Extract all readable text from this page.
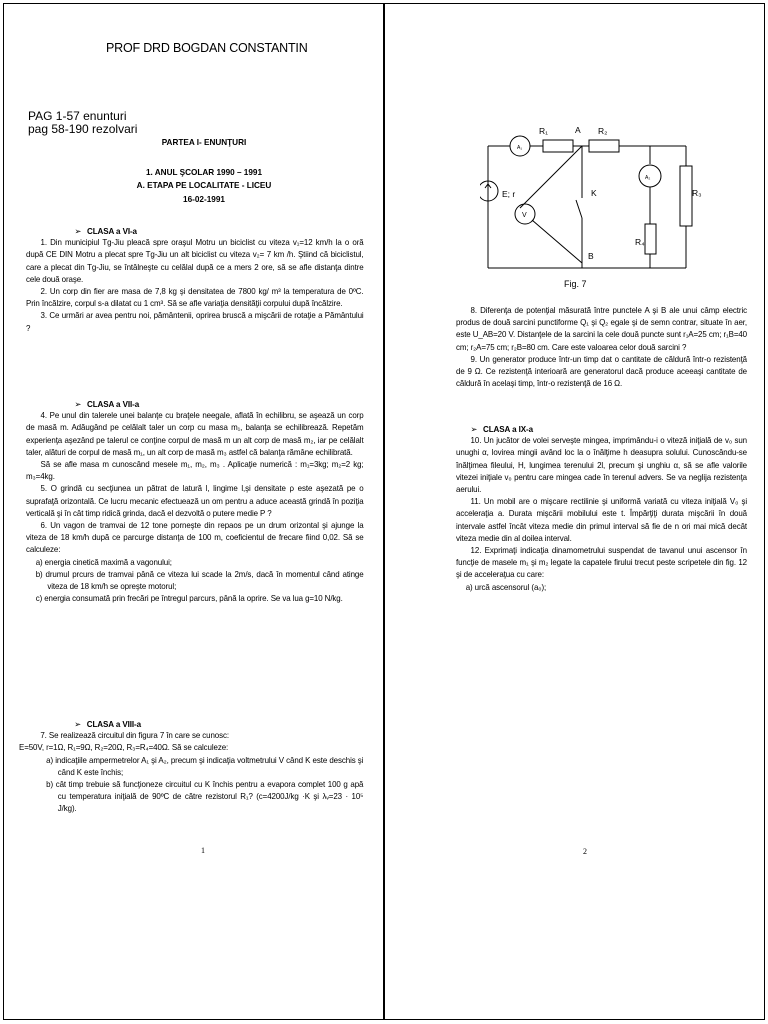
PROF DRD BOGDAN CONSTANTIN
PAG 1-57 enunturi
pag 58-190 rezolvari
PARTEA I- ENUNŢURI
1. ANUL ŞCOLAR 1990 – 1991
A. ETAPA PE LOCALITATE - LICEU
16-02-1991

➢ CLASA a VI-a

1. Din municipiul Tg-Jiu pleacă spre oraşul Motru un biciclist cu viteza v₁=12 km/h la o oră după CE DIN Motru a plecat spre Tg-Jiu un alt biciclist cu viteza v₂= 7 km /h. Ştiind că biciclistul, care a plecat din Tg-Jiu, se întâlneşte cu celălal după ce a mers 2 ore, să se afle distanţa dintre cele două oraşe.

2. Un corp din fier are masa de 7,8 kg şi densitatea de 7800 kg/ m³ la temperatura de 0ºC. Prin încălzire, corpul s-a dilatat cu 1 cm³. Să se afle variaţia densităţii corpului după încălzire.

3. Ce urmări ar avea pentru noi, pământenii, oprirea bruscă a mişcării de rotaţie a Pământului ?

➢ CLASA a VII-a

4. Pe unul din talerele unei balanţe cu braţele neegale, aflată în echilibru, se aşează un corp de masă m. Adăugând pe celălalt taler un corp cu masa m₁, balanţa se echilibrează. Repetăm experienţa aşezând pe talerul ce conţine corpul de masă m un alt corp de masă m₂, iar pe celălalt taler, alături de corpul de masă m₁, un alt corp de masă m₃ astfel că balanţa rămâne echilibrată.

Să se afle masa m cunoscând mesele m₁, m₂, m₃ . Aplicaţie numerică : m₁=3kg; m₂=2 kg; m₃=4kg.

5. O grindă cu secţiunea un pătrat de latură l, lingime l,şi densitate ρ este aşezată pe o suprafaţă orizontală. Ce lucru mecanic efectuează un om pentru a aduce această grindă în poziţia verticală şi în cât timp ridică grinda, dacă el dezvoltă o putere medie P ?

6. Un vagon de tramvai de 12 tone porneşte din repaos pe un drum orizontal şi ajunge la viteza de 18 km/h după ce parcurge distanţa de 100 m, coeficientul de frecare fiind 0,02. Să se calculeze:

a) energia cinetică maximă a vagonului;

b) drumul prcurs de tramvai până ce viteza lui scade la 2m/s, dacă în momentul când atinge viteza de 18 km/h se opreşte motorul;

c) energia consumată prin frecări pe întregul parcurs, până la oprire. Se va lua g=10 N/kg.

➢ CLASA a VIII-a

7. Se realizează circuitul din figura 7 în care se cunosc:

E=50V, r=1Ω, R₁=9Ω, R₂=20Ω, R₃=R₄=40Ω. Să se calculeze:

a) indicaţiile ampermetrelor A₁ şi A₂, precum şi indicaţia voltmetrului V când K este deschis şi când K este închis;

b) cât timp trebuie să funcţioneze circuitul cu K închis pentru a evapora complet 100 g apă cu temperatura iniţială de 90ºC de către rezistorul R₁? (c=4200J/kg ·K şi λᵥ=23 · 10⁵ J/kg).

1
A₁
R₁	A R₂
A₂
R₃
R₄
E; r
V
K
B
Fig. 7

8. Diferenţa de potenţial măsurată între punctele A şi B ale unui câmp electric produs de două sarcini punctiforme Q₁ şi Q₂ egale şi de semn contrar, situate în aer, este U_AB=20 V. Distanţele de la sarcini la cele două puncte sunt r₁A=25 cm; r₁B=40 cm; r₂A=75 cm; r₂B=80 cm. Care este valoarea celor două sarcini ?

9. Un generator produce într-un timp dat o cantitate de căldură într-o rezistenţă de 9 Ω. Ce rezistenţă interioară are generatorul dacă produce aceeaşi cantitate de căldură în acelaşi timp, într-o rezistenţă de 16 Ω.

➢ CLASA a IX-a

10. Un jucător de volei serveşte mingea, imprimându-i o viteză iniţială de v₀ sun unughi α, lovirea mingii având loc la o înălţime h deasupra solului. Cunoscându-se înălţimea fileului, H, lungimea terenului 2l, precum şi unghiu α, să se afle valorile vitezei iniţiale v₀ pentru care mingea cade în terenul advers. Se va neglija rezistenţa aerului.

11. Un mobil are o mişcare rectilinie şi uniformă variată cu viteza iniţială V₀ şi acceleraţia a. Durata mişcării mobilului este t. Împărţiţi durata mişcării în două intervale astfel încât viteza medie din primul interval să fie de n ori mai mică decât viteza medie din al doilea interval.

12. Exprimaţi indicaţia dinamometrului suspendat de tavanul unui ascensor în funcţie de masele m₁ şi m₂ legate la capatele firului trecut peste scripetele din fig. 12 şi de acceleraţua cu care:

a) urcă ascensorul (a₀);

2
